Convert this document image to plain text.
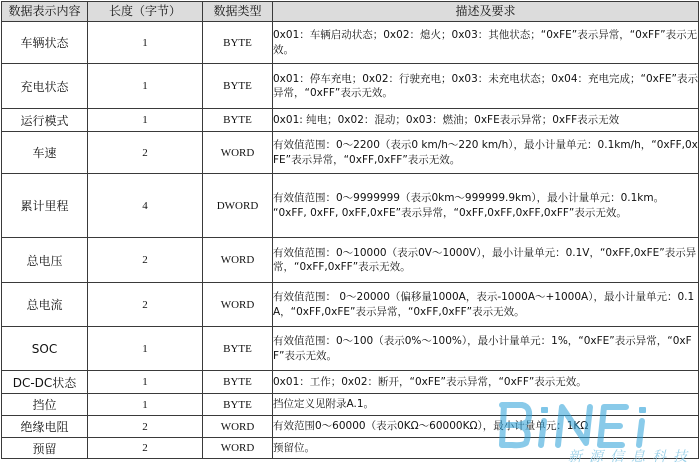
数据表示内容	长度（字节）	数据类型	描述及要求
车辆状态	1	BYTE	0x01：车辆启动状态；0x02：熄火；0x03：其他状态；“0xFE”表示异常，“0xFF”表示无效。
充电状态	1	BYTE	0x01：停车充电；0x02：行驶充电；0x03：未充电状态；0x04：充电完成；“0xFE”表示异常，“0xFF”表示无效。
运行模式	1	BYTE	0x01: 纯电；0x02：混动；0x03：燃油；0xFE表示异常；0xFF表示无效
车速	2	WORD	有效值范围：0～2200（表示0 km/h～220 km/h），最小计量单元：0.1km/h，“0xFF,0xFE”表示异常，“0xFF,0xFF”表示无效。
累计里程	4	DWORD	有效值范围：0～9999999（表示0km～999999.9km），最小计量单元：0.1km。
“0xFF, 0xFF, 0xFF,0xFE”表示异常，“0xFF,0xFF,0xFF,0xFF”表示无效。
总电压	2	WORD	有效值范围：0～10000（表示0V～1000V），最小计量单元：0.1V，“0xFF,0xFE”表示异常，“0xFF,0xFF”表示无效。
总电流	2	WORD	有效值范围： 0～20000（偏移量1000A，表示-1000A～+1000A），最小计量单元：0.1A，“0xFF,0xFE”表示异常，“0xFF,0xFF”表示无效。
SOC	1	BYTE	有效值范围：0～100（表示0%～100%），最小计量单元：1%，“0xFE”表示异常，“0xFF”表示无效。
DC-DC状态	1	BYTE	0x01：工作；0x02：断开，“0xFE”表示异常，“0xFF”表示无效。
挡位	1	BYTE	挡位定义见附录A.1。
绝缘电阻	2	WORD	有效范围0～60000（表示0KΩ～60000KΩ），最小计量单元：1KΩ
预留	2	WORD	预留位。
新源信息科技
